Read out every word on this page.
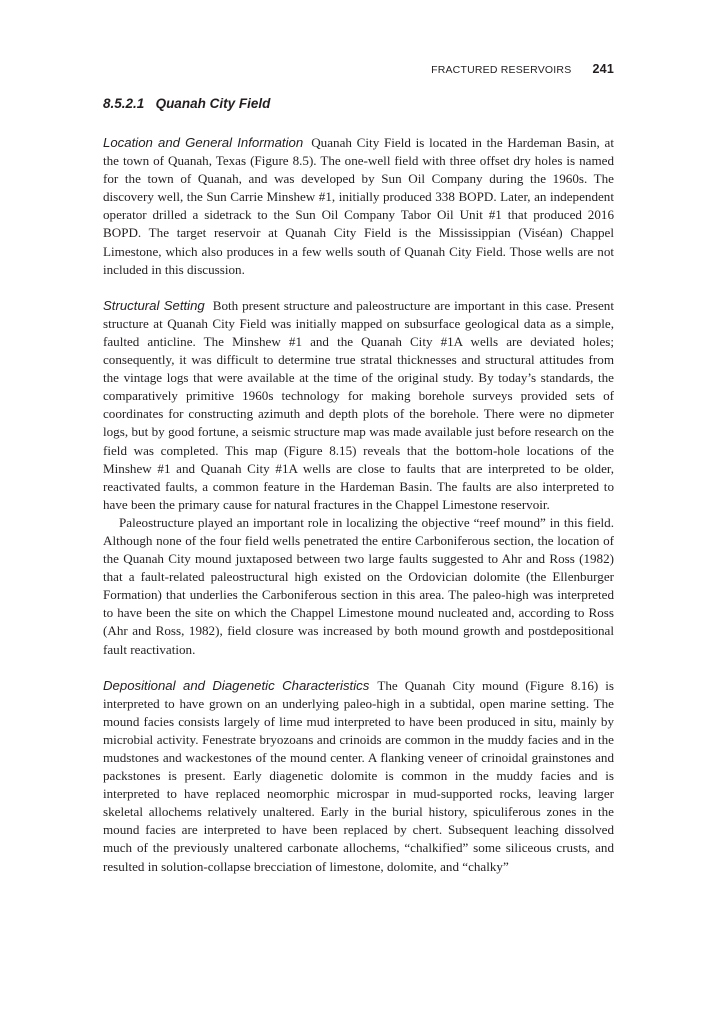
FRACTURED RESERVOIRS 241
8.5.2.1 Quanah City Field

Location and General Information Quanah City Field is located in the Hardeman Basin, at the town of Quanah, Texas (Figure 8.5). The one-well field with three offset dry holes is named for the town of Quanah, and was developed by Sun Oil Company during the 1960s. The discovery well, the Sun Carrie Minshew #1, initially produced 338 BOPD. Later, an independent operator drilled a sidetrack to the Sun Oil Company Tabor Oil Unit #1 that produced 2016 BOPD. The target reservoir at Quanah City Field is the Mississippian (Viséan) Chappel Limestone, which also produces in a few wells south of Quanah City Field. Those wells are not included in this discussion.

Structural Setting Both present structure and paleostructure are important in this case. Present structure at Quanah City Field was initially mapped on subsurface geological data as a simple, faulted anticline. The Minshew #1 and the Quanah City #1A wells are deviated holes; consequently, it was difficult to determine true stratal thicknesses and structural attitudes from the vintage logs that were available at the time of the original study. By today’s standards, the comparatively primitive 1960s technology for making borehole surveys provided sets of coordinates for constructing azimuth and depth plots of the borehole. There were no dipmeter logs, but by good fortune, a seismic structure map was made available just before research on the field was completed. This map (Figure 8.15) reveals that the bottom-hole locations of the Minshew #1 and Quanah City #1A wells are close to faults that are interpreted to be older, reactivated faults, a common feature in the Hardeman Basin. The faults are also interpreted to have been the primary cause for natural fractures in the Chappel Limestone reservoir.

Paleostructure played an important role in localizing the objective “reef mound” in this field. Although none of the four field wells penetrated the entire Carboniferous section, the location of the Quanah City mound juxtaposed between two large faults suggested to Ahr and Ross (1982) that a fault-related paleostructural high existed on the Ordovician dolomite (the Ellenburger Formation) that underlies the Carboniferous section in this area. The paleo-high was interpreted to have been the site on which the Chappel Limestone mound nucleated and, according to Ross (Ahr and Ross, 1982), field closure was increased by both mound growth and postdepositional fault reactivation.

Depositional and Diagenetic Characteristics The Quanah City mound (Figure 8.16) is interpreted to have grown on an underlying paleo-high in a subtidal, open marine setting. The mound facies consists largely of lime mud interpreted to have been produced in situ, mainly by microbial activity. Fenestrate bryozoans and crinoids are common in the muddy facies and in the mudstones and wackestones of the mound center. A flanking veneer of crinoidal grainstones and packstones is present. Early diagenetic dolomite is common in the muddy facies and is interpreted to have replaced neomorphic microspar in mud-supported rocks, leaving larger skeletal allochems relatively unaltered. Early in the burial history, spiculiferous zones in the mound facies are interpreted to have been replaced by chert. Subsequent leaching dissolved much of the previously unaltered carbonate allochems, “chalkified” some siliceous crusts, and resulted in solution-collapse brecciation of limestone, dolomite, and “chalky”
